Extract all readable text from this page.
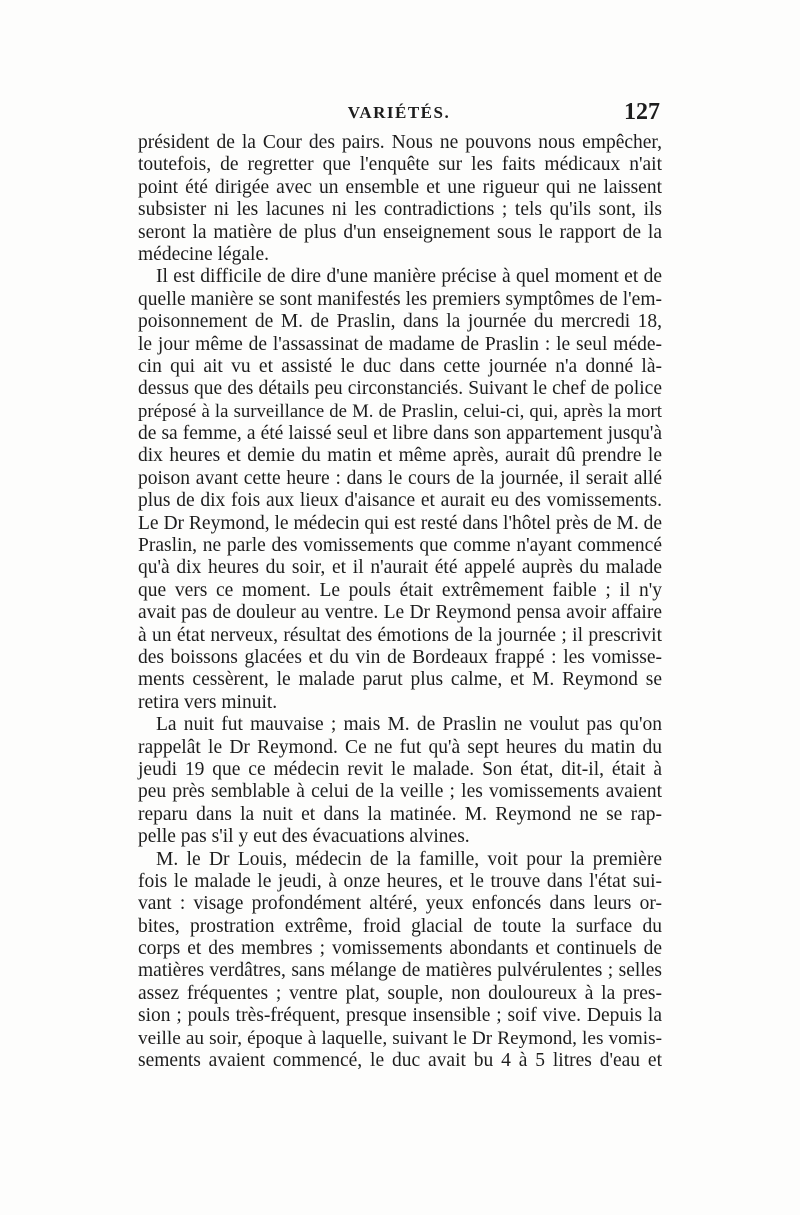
VARIÉTÉS.	127
président de la Cour des pairs. Nous ne pouvons nous empêcher,
toutefois, de regretter que l'enquête sur les faits médicaux n'ait
point été dirigée avec un ensemble et une rigueur qui ne laissent
subsister ni les lacunes ni les contradictions ; tels qu'ils sont, ils
seront la matière de plus d'un enseignement sous le rapport de la
médecine légale.
Il est difficile de dire d'une manière précise à quel moment et de
quelle manière se sont manifestés les premiers symptômes de l'em-
poisonnement de M. de Praslin, dans la journée du mercredi 18,
le jour même de l'assassinat de madame de Praslin : le seul méde-
cin qui ait vu et assisté le duc dans cette journée n'a donné là-
dessus que des détails peu circonstanciés. Suivant le chef de police
préposé à la surveillance de M. de Praslin, celui-ci, qui, après la mort
de sa femme, a été laissé seul et libre dans son appartement jusqu'à
dix heures et demie du matin et même après, aurait dû prendre le
poison avant cette heure : dans le cours de la journée, il serait allé
plus de dix fois aux lieux d'aisance et aurait eu des vomissements.
Le Dr Reymond, le médecin qui est resté dans l'hôtel près de M. de
Praslin, ne parle des vomissements que comme n'ayant commencé
qu'à dix heures du soir, et il n'aurait été appelé auprès du malade
que vers ce moment. Le pouls était extrêmement faible ; il n'y
avait pas de douleur au ventre. Le Dr Reymond pensa avoir affaire
à un état nerveux, résultat des émotions de la journée ; il prescrivit
des boissons glacées et du vin de Bordeaux frappé : les vomisse-
ments cessèrent, le malade parut plus calme, et M. Reymond se
retira vers minuit.
La nuit fut mauvaise ; mais M. de Praslin ne voulut pas qu'on
rappelât le Dr Reymond. Ce ne fut qu'à sept heures du matin du
jeudi 19 que ce médecin revit le malade. Son état, dit-il, était à
peu près semblable à celui de la veille ; les vomissements avaient
reparu dans la nuit et dans la matinée. M. Reymond ne se rap-
pelle pas s'il y eut des évacuations alvines.
M. le Dr Louis, médecin de la famille, voit pour la première
fois le malade le jeudi, à onze heures, et le trouve dans l'état sui-
vant : visage profondément altéré, yeux enfoncés dans leurs or-
bites, prostration extrême, froid glacial de toute la surface du
corps et des membres ; vomissements abondants et continuels de
matières verdâtres, sans mélange de matières pulvérulentes ; selles
assez fréquentes ; ventre plat, souple, non douloureux à la pres-
sion ; pouls très-fréquent, presque insensible ; soif vive. Depuis la
veille au soir, époque à laquelle, suivant le Dr Reymond, les vomis-
sements avaient commencé, le duc avait bu 4 à 5 litres d'eau et
